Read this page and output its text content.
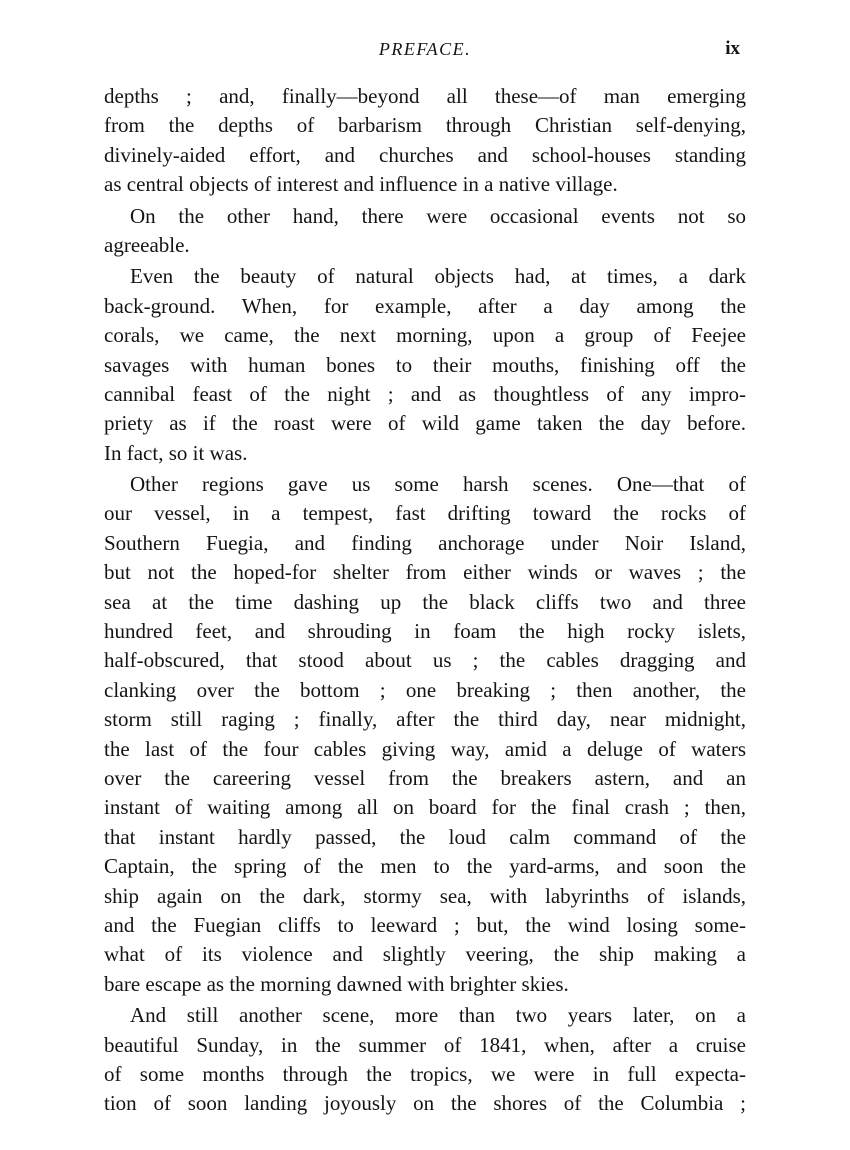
PREFACE.	ix
depths ; and, finally—beyond all these—of man emerging
from the depths of barbarism through Christian self-denying,
divinely-aided effort, and churches and school-houses standing
as central objects of interest and influence in a native village.
On the other hand, there were occasional events not so
agreeable.
Even the beauty of natural objects had, at times, a dark
back-ground. When, for example, after a day among the
corals, we came, the next morning, upon a group of Feejee
savages with human bones to their mouths, finishing off the
cannibal feast of the night ; and as thoughtless of any impro-
priety as if the roast were of wild game taken the day before.
In fact, so it was.
Other regions gave us some harsh scenes. One—that of
our vessel, in a tempest, fast drifting toward the rocks of
Southern Fuegia, and finding anchorage under Noir Island,
but not the hoped-for shelter from either winds or waves ; the
sea at the time dashing up the black cliffs two and three
hundred feet, and shrouding in foam the high rocky islets,
half-obscured, that stood about us ; the cables dragging and
clanking over the bottom ; one breaking ; then another, the
storm still raging ; finally, after the third day, near midnight,
the last of the four cables giving way, amid a deluge of waters
over the careering vessel from the breakers astern, and an
instant of waiting among all on board for the final crash ; then,
that instant hardly passed, the loud calm command of the
Captain, the spring of the men to the yard-arms, and soon the
ship again on the dark, stormy sea, with labyrinths of islands,
and the Fuegian cliffs to leeward ; but, the wind losing some-
what of its violence and slightly veering, the ship making a
bare escape as the morning dawned with brighter skies.
And still another scene, more than two years later, on a
beautiful Sunday, in the summer of 1841, when, after a cruise
of some months through the tropics, we were in full expecta-
tion of soon landing joyously on the shores of the Columbia ;
